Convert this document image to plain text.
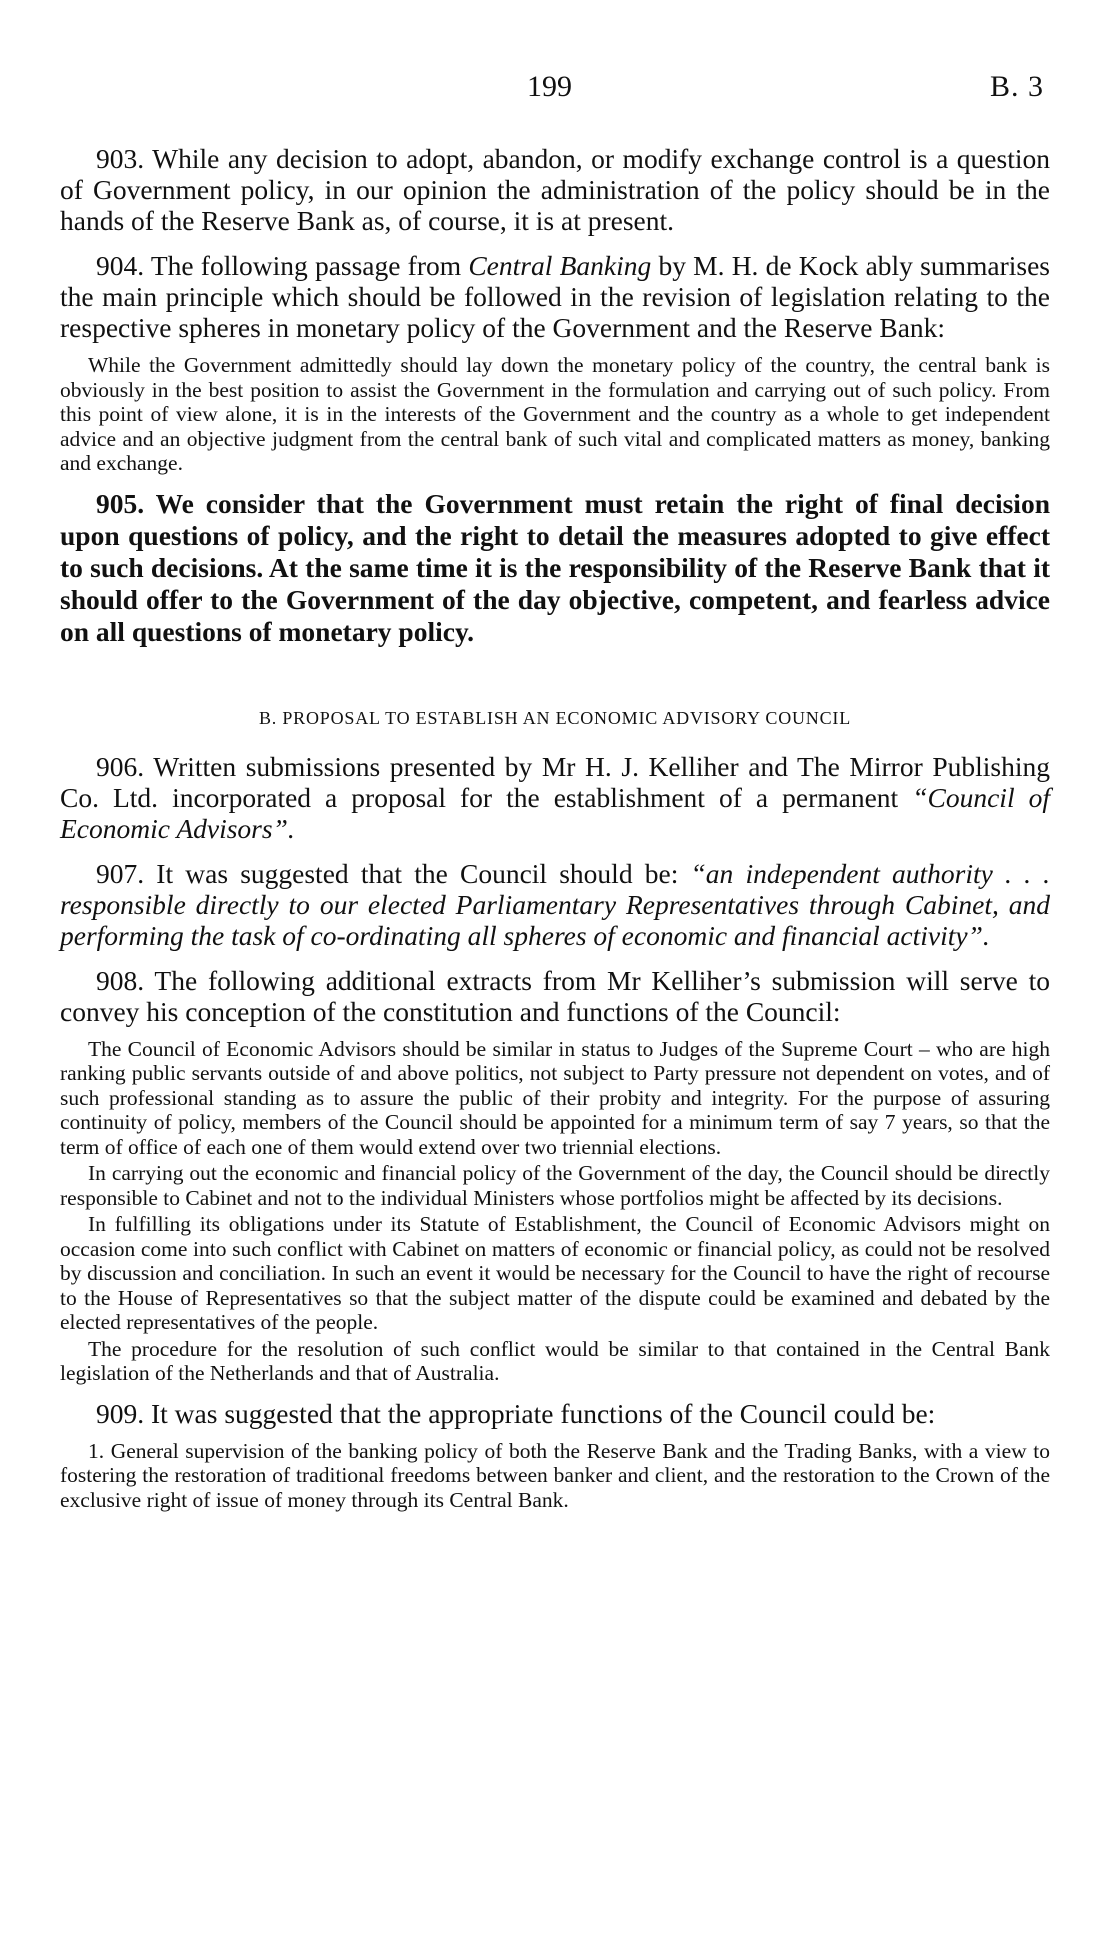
199	B. 3

903. While any decision to adopt, abandon, or modify exchange control is a question of Government policy, in our opinion the administration of the policy should be in the hands of the Reserve Bank as, of course, it is at present.

904. The following passage from Central Banking by M. H. de Kock ably summarises the main principle which should be followed in the revision of legislation relating to the respective spheres in monetary policy of the Government and the Reserve Bank:

While the Government admittedly should lay down the monetary policy of the country, the central bank is obviously in the best position to assist the Government in the formulation and carrying out of such policy. From this point of view alone, it is in the interests of the Government and the country as a whole to get independent advice and an objective judgment from the central bank of such vital and complicated matters as money, banking and exchange.

905. We consider that the Government must retain the right of final decision upon questions of policy, and the right to detail the measures adopted to give effect to such decisions. At the same time it is the responsibility of the Reserve Bank that it should offer to the Government of the day objective, competent, and fearless advice on all questions of monetary policy.

B. PROPOSAL TO ESTABLISH AN ECONOMIC ADVISORY COUNCIL

906. Written submissions presented by Mr H. J. Kelliher and The Mirror Publishing Co. Ltd. incorporated a proposal for the establishment of a permanent “Council of Economic Advisors”.

907. It was suggested that the Council should be: “an independent authority . . . responsible directly to our elected Parliamentary Representatives through Cabinet, and performing the task of co-ordinating all spheres of economic and financial activity”.

908. The following additional extracts from Mr Kelliher’s submission will serve to convey his conception of the constitution and functions of the Council:

The Council of Economic Advisors should be similar in status to Judges of the Supreme Court – who are high ranking public servants outside of and above politics, not subject to Party pressure not dependent on votes, and of such professional standing as to assure the public of their probity and integrity. For the purpose of assuring continuity of policy, members of the Council should be appointed for a minimum term of say 7 years, so that the term of office of each one of them would extend over two triennial elections.

In carrying out the economic and financial policy of the Government of the day, the Council should be directly responsible to Cabinet and not to the individual Ministers whose portfolios might be affected by its decisions.

In fulfilling its obligations under its Statute of Establishment, the Council of Economic Advisors might on occasion come into such conflict with Cabinet on matters of economic or financial policy, as could not be resolved by discussion and conciliation. In such an event it would be necessary for the Council to have the right of recourse to the House of Representatives so that the subject matter of the dispute could be examined and debated by the elected representatives of the people.

The procedure for the resolution of such conflict would be similar to that contained in the Central Bank legislation of the Netherlands and that of Australia.

909. It was suggested that the appropriate functions of the Council could be:

1. General supervision of the banking policy of both the Reserve Bank and the Trading Banks, with a view to fostering the restoration of traditional freedoms between banker and client, and the restoration to the Crown of the exclusive right of issue of money through its Central Bank.
